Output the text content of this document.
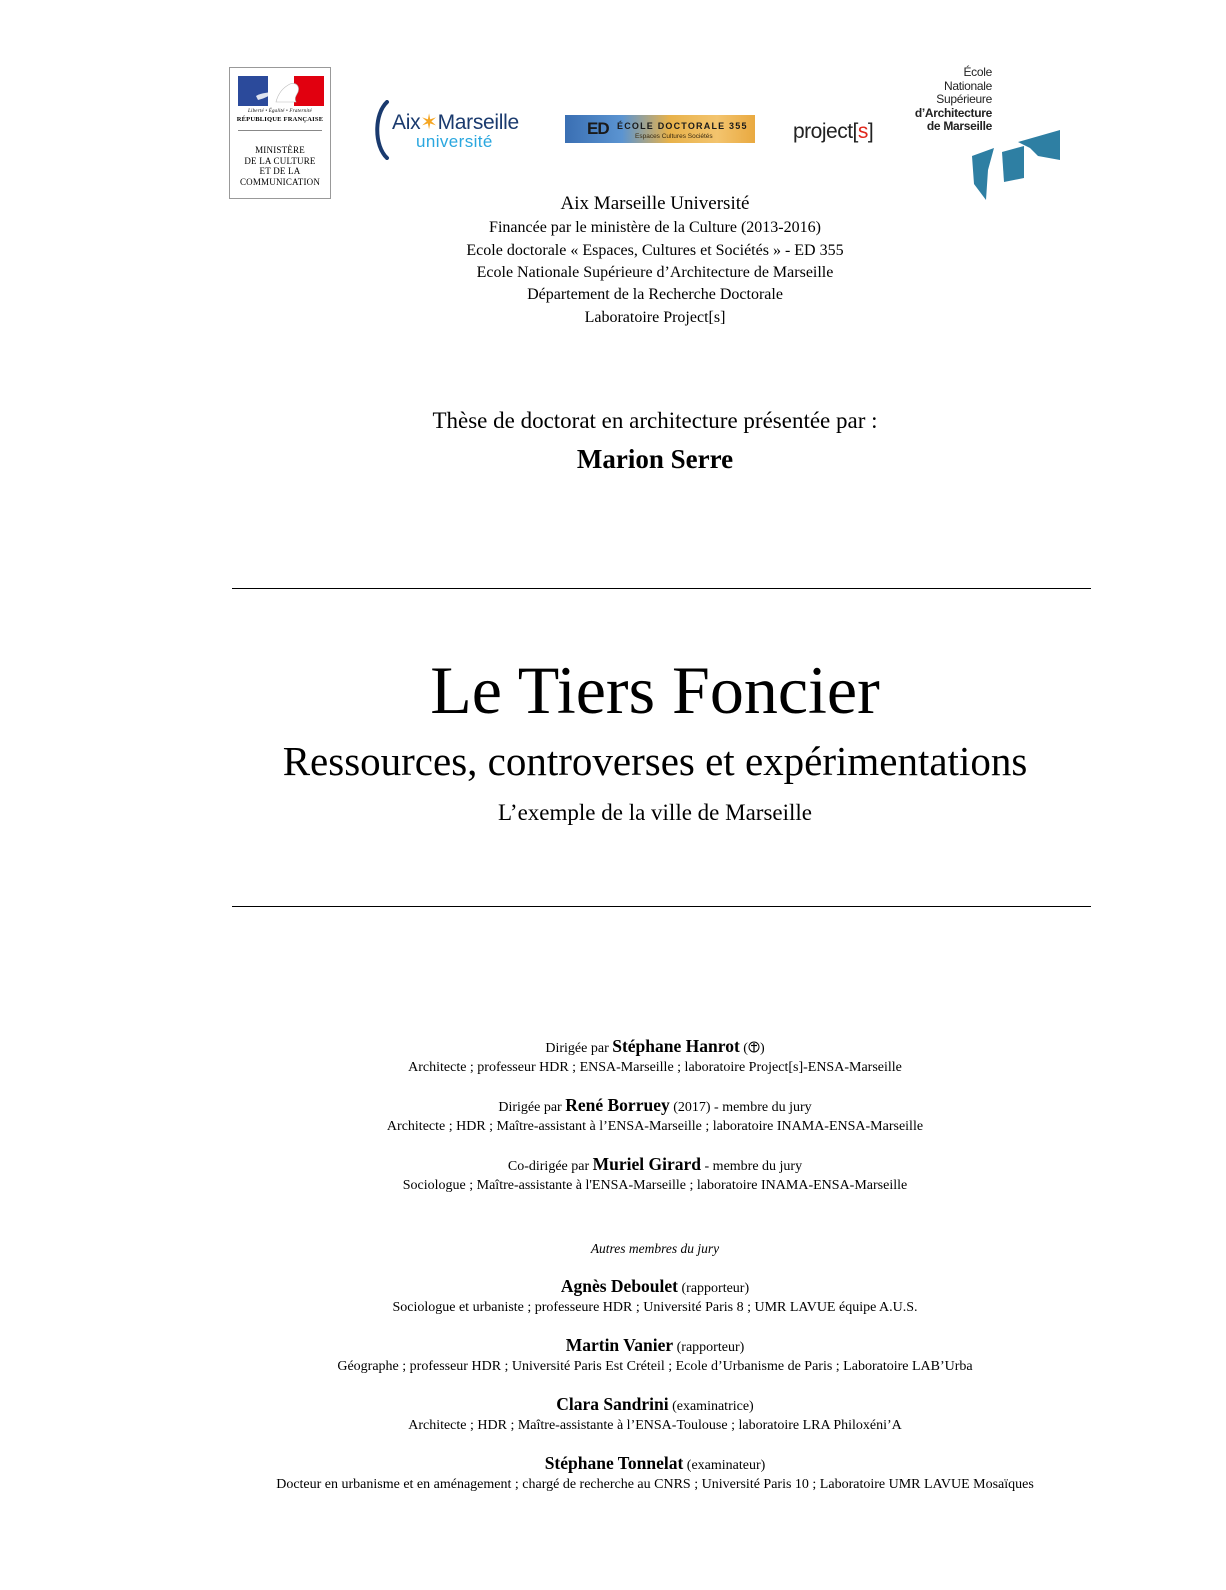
Liberté • Égalité • Fraternité
RÉPUBLIQUE FRANÇAISE
MINISTÈRE
DE LA CULTURE
ET DE LA
COMMUNICATION
Aix✶Marseille
université
ED ÉCOLE DOCTORALE 355
Espaces Cultures Sociétés	project[s]
École
Nationale
Supérieure
d’Architecture
de Marseille
Aix Marseille Université
Financée par le ministère de la Culture (2013-2016)
Ecole doctorale « Espaces, Cultures et Sociétés » - ED 355
Ecole Nationale Supérieure d’Architecture de Marseille
Département de la Recherche Doctorale
Laboratoire Project[s]
Thèse de doctorat en architecture présentée par :
Marion Serre
Le Tiers Foncier
Ressources, controverses et expérimentations
L’exemple de la ville de Marseille
Dirigée par Stéphane Hanrot ( )
Architecte ; professeur HDR ; ENSA-Marseille ; laboratoire Project[s]-ENSA-Marseille
Dirigée par René Borruey (2017) - membre du jury
Architecte ; HDR ; Maître-assistant à l’ENSA-Marseille ; laboratoire INAMA-ENSA-Marseille
Co-dirigée par Muriel Girard - membre du jury
Sociologue ; Maître-assistante à l'ENSA-Marseille ; laboratoire INAMA-ENSA-Marseille
Autres membres du jury
Agnès Deboulet (rapporteur)
Sociologue et urbaniste ; professeure HDR ; Université Paris 8 ; UMR LAVUE équipe A.U.S.
Martin Vanier (rapporteur)
Géographe ; professeur HDR ; Université Paris Est Créteil ; Ecole d’Urbanisme de Paris ; Laboratoire LAB’Urba
Clara Sandrini (examinatrice)
Architecte ; HDR ; Maître-assistante à l’ENSA-Toulouse ; laboratoire LRA Philoxéni’A
Stéphane Tonnelat (examinateur)
Docteur en urbanisme et en aménagement ; chargé de recherche au CNRS ; Université Paris 10 ; Laboratoire UMR LAVUE Mosaïques
